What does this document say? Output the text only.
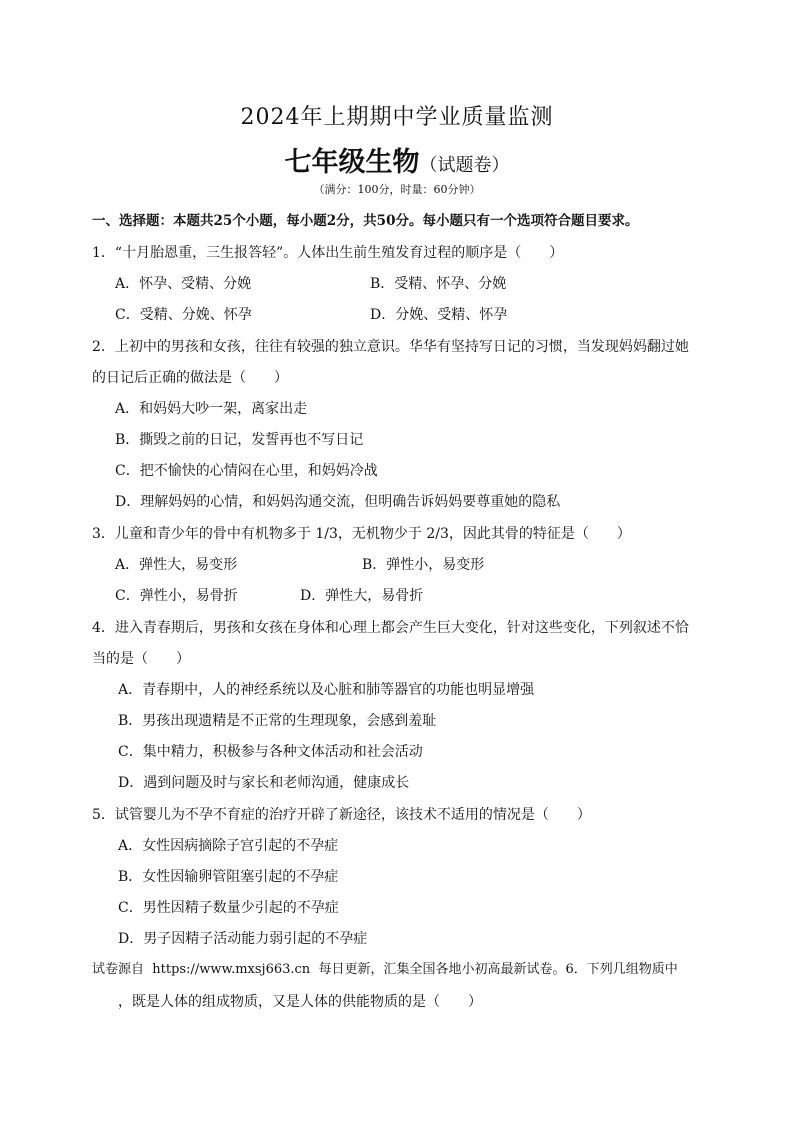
2024年上期期中学业质量监测
七年级生物（试题卷）
（满分：100分，时量：60分钟）
一、选择题：本题共25个小题，每小题2分，共50分。每小题只有一个选项符合题目要求。
1．“十月胎恩重，三生报答轻”。人体出生前生殖发育过程的顺序是（　　）
A．怀孕、受精、分娩	B．受精、怀孕、分娩
C．受精、分娩、怀孕	D．分娩、受精、怀孕
2．上初中的男孩和女孩，往往有较强的独立意识。华华有坚持写日记的习惯，当发现妈妈翻过她
的日记后正确的做法是（　　）
A．和妈妈大吵一架，离家出走
B．撕毁之前的日记，发誓再也不写日记
C．把不愉快的心情闷在心里，和妈妈冷战
D．理解妈妈的心情，和妈妈沟通交流，但明确告诉妈妈要尊重她的隐私
3．儿童和青少年的骨中有机物多于 1/3，无机物少于 2/3，因此其骨的特征是（　　）
A．弹性大，易变形	B．弹性小，易变形
C．弹性小，易骨折	D．弹性大，易骨折
4．进入青春期后，男孩和女孩在身体和心理上都会产生巨大变化，针对这些变化，下列叙述不恰
当的是（　　）
A．青春期中，人的神经系统以及心脏和肺等器官的功能也明显增强
B．男孩出现遗精是不正常的生理现象，会感到羞耻
C．集中精力，积极参与各种文体活动和社会活动
D．遇到问题及时与家长和老师沟通，健康成长
5．试管婴儿为不孕不育症的治疗开辟了新途径，该技术不适用的情况是（　　）
A．女性因病摘除子宫引起的不孕症
B．女性因输卵管阻塞引起的不孕症
C．男性因精子数量少引起的不孕症
D．男子因精子活动能力弱引起的不孕症
试卷源自 https://www.mxsj663.cn 每日更新，汇集全国各地小初高最新试卷。6．下列几组物质中
，既是人体的组成物质，又是人体的供能物质的是（　　）
